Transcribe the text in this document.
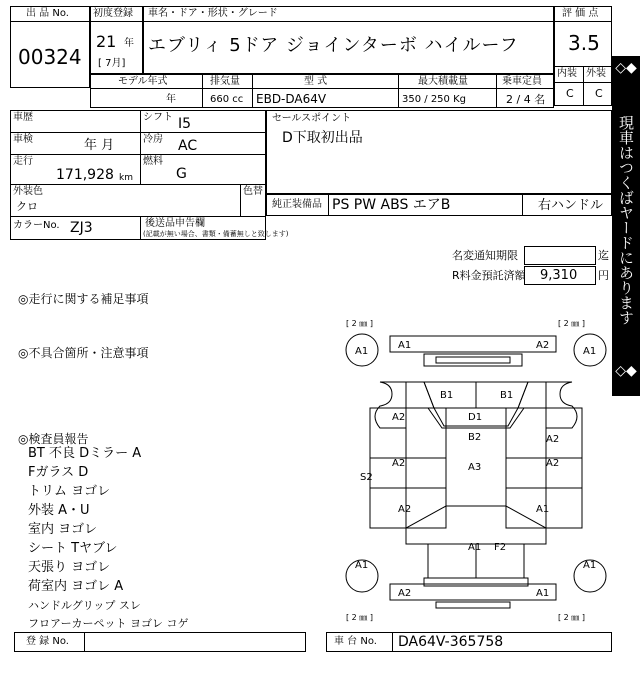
出 品 No.
00324
初度登録
21 年
[ 7月]
車名・ドア・形状・グレード
エブリィ 5ドア ジョインターボ ハイルーフ
評 価 点
3.5
内装 外装
C C
モデル年式
年
排気量
660 cc
型 式
EBD-DA64V
最大積載量
350 / 250 Kg
乗車定員
2 / 4 名
車歴	シフト I5
車検	年 月	冷房 AC
走行
171,928 km
燃料
G
外装色
クロ
色替
カラーNo. ZJ3	後送品申告欄
(記載が無い場合、書類・備蓄無しと致します)
セールスポイント
D下取初出品
純正装備品 PS PW ABS エアB	右ハンドル
名変通知期限	迄
R料金預託済額 9,310 円
◎走行に関する補足事項
◎不具合箇所・注意事項
◎検査員報告
BT 不良 Dミラー A
Fガラス D
トリム ヨゴレ
外装 A・U
室内 ヨゴレ
シート Tヤブレ
天張り ヨゴレ
荷室内 ヨゴレ A
ハンドルグリップ スレ
フロアーカーペット ヨゴレ コゲ
[ 2 ㎜ ]	[ 2 ㎜ ]
[ 2 ㎜ ]	[ 2 ㎜ ]
A1
A1	A2
A1
B1	B1
D1
A2
A2
B2
A2	A3
S2
A2
A2
A1
A1 F2
A1	A1
A2	A1
登 録 No.	車 台 No. DA64V-365758
◇◆
現車はつくばヤードにあります
◇◆
